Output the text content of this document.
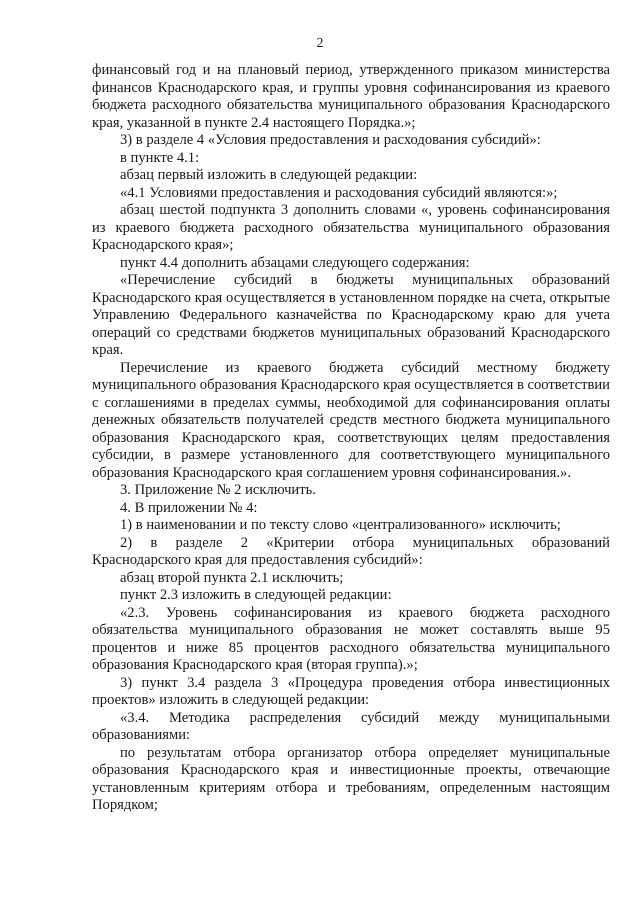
2

финансовый год и на плановый период, утвержденного приказом министерства финансов Краснодарского края, и группы уровня софинансирования из краевого бюджета расходного обязательства муниципального образования Краснодарского края, указанной в пункте 2.4 настоящего Порядка.»;

3) в разделе 4 «Условия предоставления и расходования субсидий»:

в пункте 4.1:

абзац первый изложить в следующей редакции:

«4.1 Условиями предоставления и расходования субсидий являются:»;

абзац шестой подпункта 3 дополнить словами «, уровень софинансирования из краевого бюджета расходного обязательства муниципального образования Краснодарского края»;

пункт 4.4 дополнить абзацами следующего содержания:

«Перечисление субсидий в бюджеты муниципальных образований Краснодарского края осуществляется в установленном порядке на счета, открытые Управлению Федерального казначейства по Краснодарскому краю для учета операций со средствами бюджетов муниципальных образований Краснодарского края.

Перечисление из краевого бюджета субсидий местному бюджету муниципального образования Краснодарского края осуществляется в соответствии с соглашениями в пределах суммы, необходимой для софинансирования оплаты денежных обязательств получателей средств местного бюджета муниципального образования Краснодарского края, соответствующих целям предоставления субсидии, в размере установленного для соответствующего муниципального образования Краснодарского края соглашением уровня софинансирования.».

3. Приложение № 2 исключить.

4. В приложении № 4:

1) в наименовании и по тексту слово «централизованного» исключить;

2) в разделе 2 «Критерии отбора муниципальных образований Краснодарского края для предоставления субсидий»:

абзац второй пункта 2.1 исключить;

пункт 2.3 изложить в следующей редакции:

«2.3. Уровень софинансирования из краевого бюджета расходного обязательства муниципального образования не может составлять выше 95 процентов и ниже 85 процентов расходного обязательства муниципального образования Краснодарского края (вторая группа).»;

3) пункт 3.4 раздела 3 «Процедура проведения отбора инвестиционных проектов» изложить в следующей редакции:

«3.4. Методика распределения субсидий между муниципальными образованиями:

по результатам отбора организатор отбора определяет муниципальные образования Краснодарского края и инвестиционные проекты, отвечающие установленным критериям отбора и требованиям, определенным настоящим Порядком;
